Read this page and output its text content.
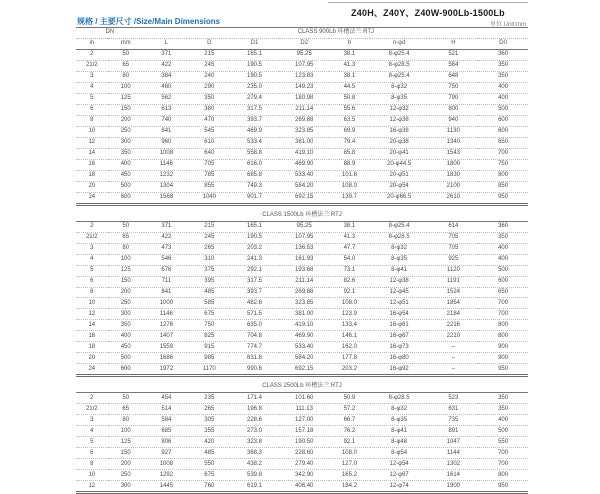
Z40H、Z40Y、Z40W-900Lb-1500Lb
规格 / 主要尺寸 /Size/Main Dimensions	单位 Unit:mm
DN		CLASS 900Lb 环槽法兰 RTJ							
in	mm	L	D	D1	D2	b	n-φd	H	D0
2	50	371	215	165.1	95.25	38.1	8-φ25.4	521	360
21/2	65	422	245	190.5	107.95	41.3	8-φ28.5	584	350
3	80	384	240	190.5	123.83	38.1	8-φ25.4	648	350
4	100	460	290	235.0	149.23	44.5	8-φ32	750	400
5	125	562	350	279.4	180.98	50.8	8-φ35	790	400
6	150	613	380	317.5	211.14	55.6	12-φ32	800	500
8	200	740	470	393.7	269.88	63.5	12-φ38	940	600
10	250	841	545	469.9	323.85	69.9	16-φ38	1130	600
12	300	960	610	533.4	381.00	79.4	20-φ38	1340	650
14	350	1008	640	558.8	419.10	85.8	20-φ41	1543	700
16	400	1146	705	616.0	469.90	88.9	20-φ44.5	1800	750
18	450	1232	785	685.8	533.40	101.6	20-φ51	1830	800
20	500	1304	855	749.3	584.20	108.0	20-φ54	2100	850
24	600	1568	1040	901.7	692.15	139.7	20-φ66.5	2610	950
CLASS 1500Lb 环槽法兰 RTJ									
2	50	371	215	165.1	95.25	38.1	8-φ25.4	614	360
21/2	65	422	245	190.5	107.95	41.3	8-φ28.5	705	350
3	80	473	265	203.2	136.53	47.7	8-φ32	705	400
4	100	546	310	241.3	161.93	54.0	8-φ35	925	400
5	125	676	375	292.1	193.68	73.1	8-φ41	1120	500
6	150	711	395	317.5	211.14	82.6	12-φ38	1191	600
8	200	841	485	393.7	269.88	92.1	12-φ45	1524	650
10	250	1000	585	482.6	323.85	108.0	12-φ51	1854	700
12	300	1146	675	571.5	381.00	123.9	16-φ54	2184	700
14	350	1276	750	635.0	419.10	133.4	16-φ61	2216	800
16	400	1407	825	704.8	469.90	146.1	16-φ67	2210	800
18	450	1559	915	774.7	533.40	162.0	16-φ73	–	900
20	500	1686	985	831.8	584.20	177.8	16-φ80	–	900
24	600	1972	1170	990.6	692.15	203.2	16-φ92	–	950
CLASS 2500Lb 环槽法兰 RTJ									
2	50	454	235	171.4	101.60	50.9	8-φ28.5	523	350
21/2	65	514	265	196.8	111.13	57.2	8-φ32	631	350
3	80	584	305	228.6	127.00	66.7	8-φ35	735	400
4	100	685	355	273.0	157.18	76.2	8-φ41	891	500
5	125	806	420	323.8	190.50	92.1	8-φ48	1047	550
6	150	927	485	368.3	228.60	108.0	8-φ54	1144	700
8	200	1008	550	438.2	279.40	127.0	12-φ54	1302	700
10	250	1292	675	539.8	342.90	165.2	12-φ67	1614	800
12	300	1445	760	619.1	406.40	184.2	12-φ74	1900	950
